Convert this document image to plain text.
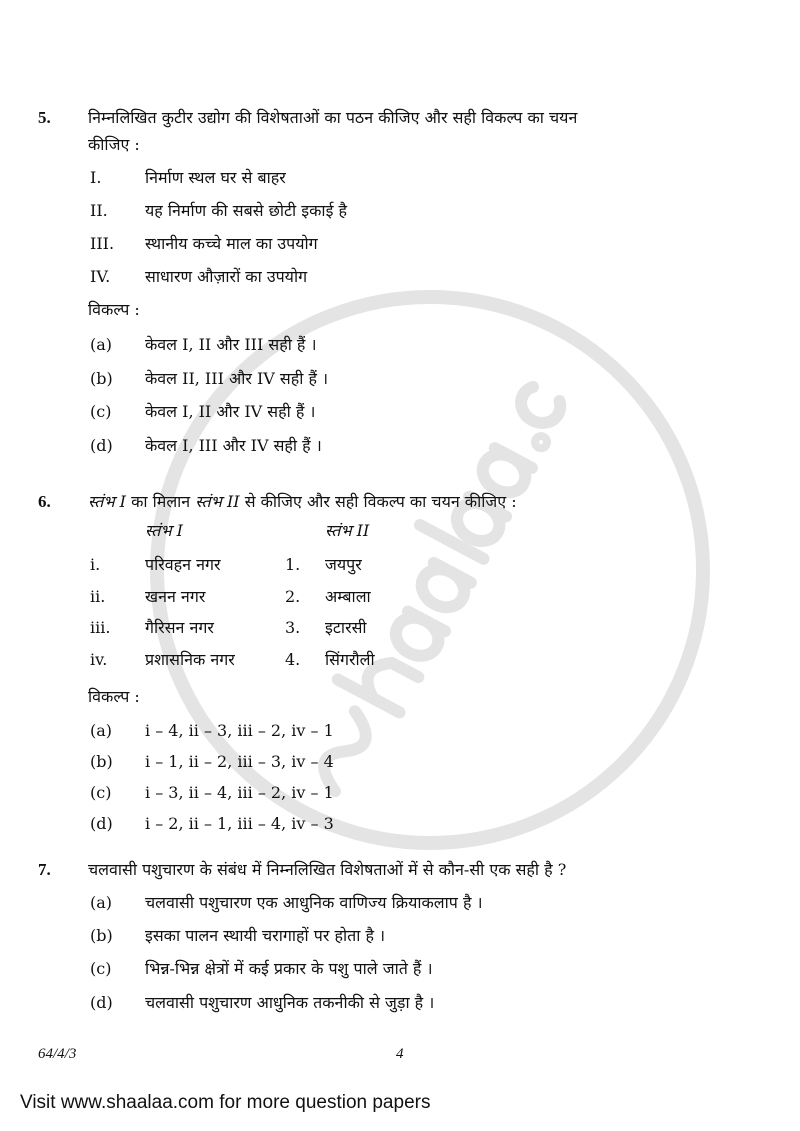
5. निम्नलिखित कुटीर उद्योग की विशेषताओं का पठन कीजिए और सही विकल्प का चयन
कीजिए :
विकल्प :
6. स्तंभ I का मिलान स्तंभ II से कीजिए और सही विकल्प का चयन कीजिए :
स्तंभ I	स्तंभ II
विकल्प :
7. चलवासी पशुचारण के संबंध में निम्नलिखित विशेषताओं में से कौन-सी एक सही है ?
64/4/3	4
Visit www.shaalaa.com for more question papers
I.	निर्माण स्थल घर से बाहर
II. यह निर्माण की सबसे छोटी इकाई है
III. स्थानीय कच्चे माल का उपयोग
IV. साधारण औज़ारों का उपयोग
(a) केवल I, II और III सही हैं ।
(b) केवल II, III और IV सही हैं ।
(c) केवल I, II और IV सही हैं ।
(d) केवल I, III और IV सही हैं ।
i.	परिवहन नगर	1. जयपुर
ii. खनन नगर	2. अम्बाला
iii. गैरिसन नगर	3. इटारसी
iv. प्रशासनिक नगर	4. सिंगरौली
(a) i – 4, ii – 3, iii – 2, iv – 1
(b) i – 1, ii – 2, iii – 3, iv – 4
(c) i – 3, ii – 4, iii – 2, iv – 1
(d) i – 2, ii – 1, iii – 4, iv – 3
(a) चलवासी पशुचारण एक आधुनिक वाणिज्य क्रियाकलाप है ।
(b) इसका पालन स्थायी चरागाहों पर होता है ।
(c) भिन्न-भिन्न क्षेत्रों में कई प्रकार के पशु पाले जाते हैं ।
(d) चलवासी पशुचारण आधुनिक तकनीकी से जुड़ा है ।
